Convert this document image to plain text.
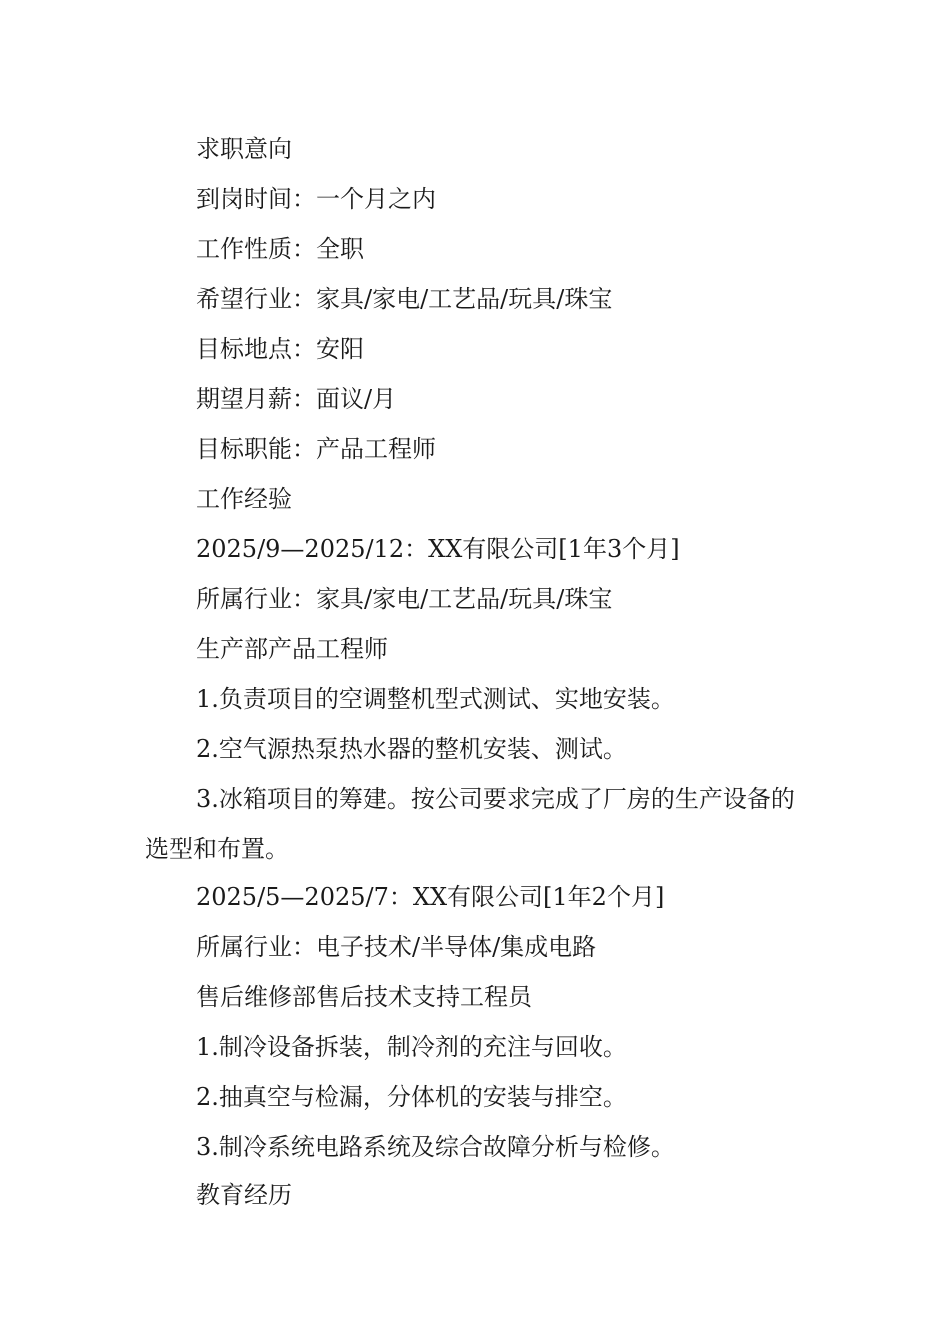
求职意向
到岗时间：一个月之内
工作性质：全职
希望行业：家具/家电/工艺品/玩具/珠宝
目标地点：安阳
期望月薪：面议/月
目标职能：产品工程师
工作经验
2025/9—2025/12：XX有限公司[1年3个月]
所属行业：家具/家电/工艺品/玩具/珠宝
生产部产品工程师
1.负责项目的空调整机型式测试、实地安装。
2.空气源热泵热水器的整机安装、测试。
3.冰箱项目的筹建。按公司要求完成了厂房的生产设备的选型和布置。
2025/5—2025/7：XX有限公司[1年2个月]
所属行业：电子技术/半导体/集成电路
售后维修部售后技术支持工程员
1.制冷设备拆装，制冷剂的充注与回收。
2.抽真空与检漏，分体机的安装与排空。
3.制冷系统电路系统及综合故障分析与检修。
教育经历
